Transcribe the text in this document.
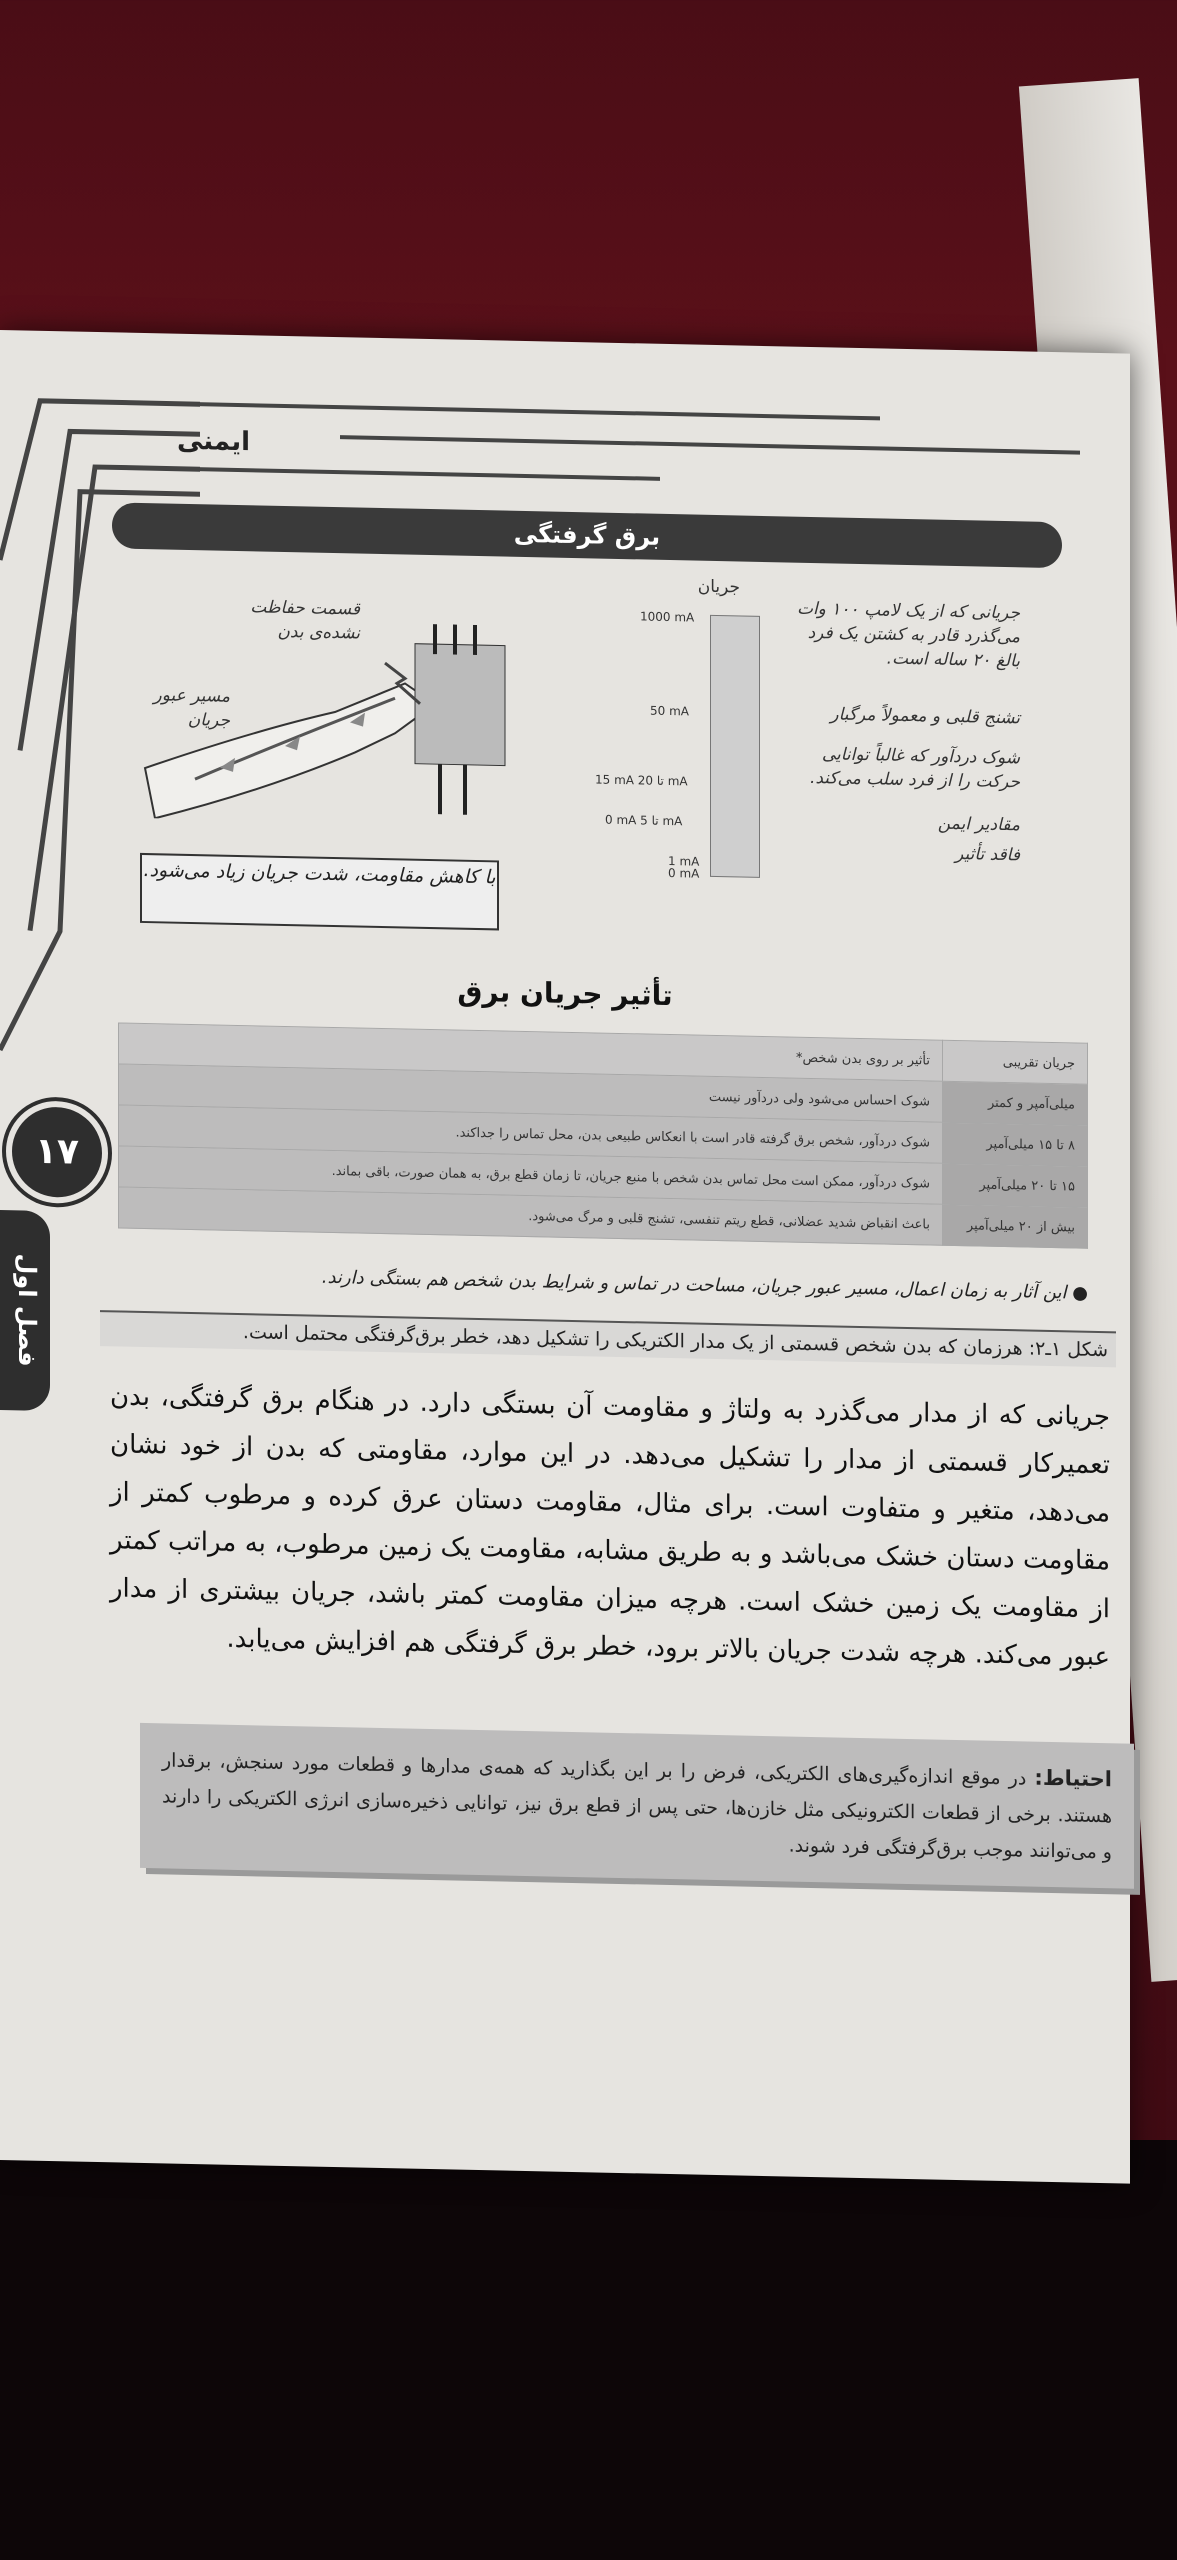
ایمنی
برق گرفتگی
قسمت حفاظت نشده‌ی بدن
مسیر عبور جریان
جریان
1000 mA
50 mA
15 mA تا 20 mA
0 mA تا 5 mA
1 mA
0 mA
جریانی که از یک لامپ ۱۰۰ وات می‌گذرد قادر به کشتن یک فرد بالغ ۲۰ ساله است.
تشنج قلبی و معمولاً مرگبار
شوک دردآور که غالباً توانایی حرکت را از فرد سلب می‌کند.
مقادیر ایمن
فاقد تأثیر
با کاهش مقاومت، شدت جریان زیاد می‌شود.
تأثیر جریان برق
جریان تقریبی	تأثیر بر روی بدن شخص*
میلی‌آمپر و کمتر	شوک احساس می‌شود ولی دردآور نیست
۸ تا ۱۵ میلی‌آمپر	شوک دردآور، شخص برق گرفته قادر است با انعکاس طبیعی بدن، محل تماس را جداکند.
۱۵ تا ۲۰ میلی‌آمپر	شوک دردآور، ممکن است محل تماس بدن شخص با منبع جریان، تا زمان قطع برق، به همان صورت، باقی بماند.
بیش از ۲۰ میلی‌آمپر	باعث انقباض شدید عضلانی، قطع ریتم تنفسی، تشنج قلبی و مرگ می‌شود.
۱۷
فصل اول	● این آثار به زمان اعمال، مسیر عبور جریان، مساحت در تماس و شرایط بدن شخص هم بستگی دارند.
شکل ۱ـ۲: هرزمان که بدن شخص قسمتی از یک مدار الکتریکی را تشکیل دهد، خطر برق‌گرفتگی محتمل است.
جریانی که از مدار می‌گذرد به ولتاژ و مقاومت آن بستگی دارد. در هنگام برق گرفتگی، بدن تعمیرکار قسمتی از مدار را تشکیل می‌دهد. در این موارد، مقاومتی که بدن از خود نشان می‌دهد، متغیر و متفاوت است. برای مثال، مقاومت دستان عرق کرده و مرطوب کمتر از مقاومت دستان خشک می‌باشد و به طریق مشابه، مقاومت یک زمین مرطوب، به مراتب کمتر از مقاومت یک زمین خشک است. هرچه میزان مقاومت کمتر باشد، جریان بیشتری از مدار عبور می‌کند. هرچه شدت جریان بالاتر برود، خطر برق گرفتگی هم افزایش می‌یابد.
احتیاط: در موقع اندازه‌گیری‌های الکتریکی، فرض را بر این بگذارید که همه‌ی مدارها و قطعات مورد سنجش، برقدار هستند. برخی از قطعات الکترونیکی مثل خازن‌ها، حتی پس از قطع برق نیز، توانایی ذخیره‌سازی انرژی الکتریکی را دارند و می‌توانند موجب برق‌گرفتگی فرد شوند.
